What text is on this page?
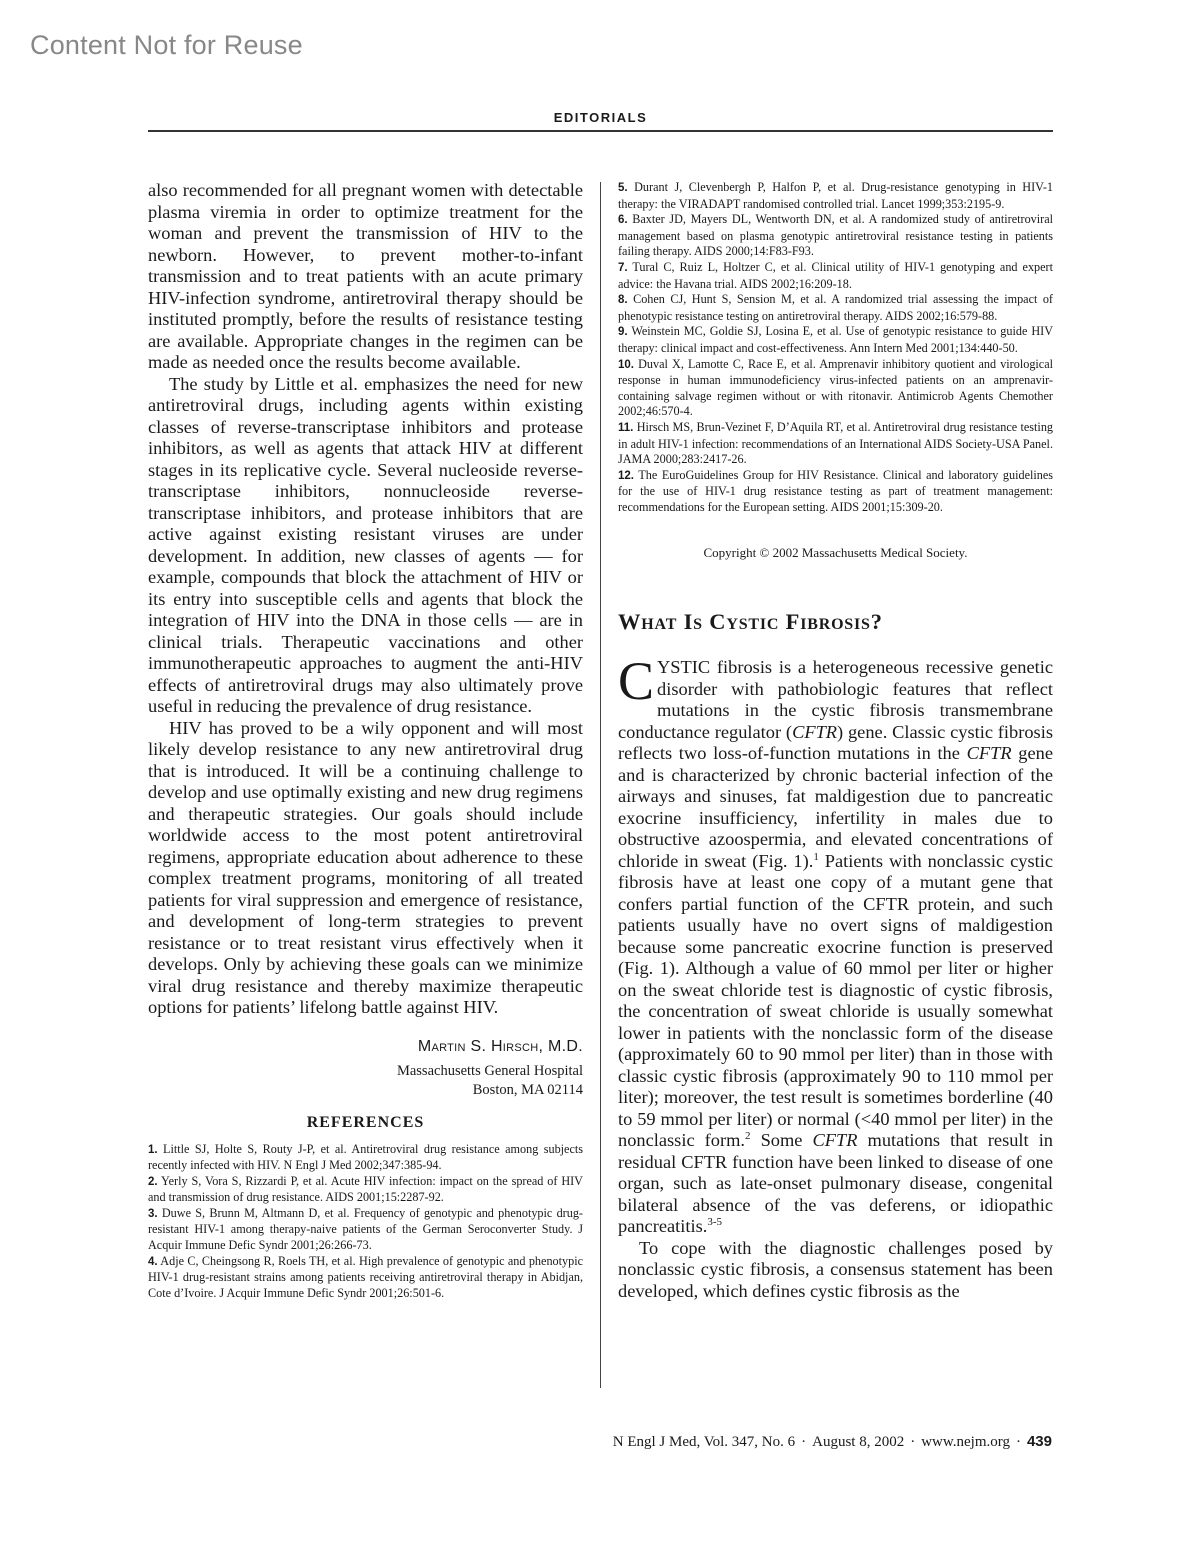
Content Not for Reuse
EDITORIALS

also recommended for all pregnant women with detectable plasma viremia in order to optimize treatment for the woman and prevent the transmission of HIV to the newborn. However, to prevent mother-to-infant transmission and to treat patients with an acute primary HIV-infection syndrome, antiretroviral therapy should be instituted promptly, before the results of resistance testing are available. Appropriate changes in the regimen can be made as needed once the results become available.

The study by Little et al. emphasizes the need for new antiretroviral drugs, including agents within existing classes of reverse-transcriptase inhibitors and protease inhibitors, as well as agents that attack HIV at different stages in its replicative cycle. Several nucleoside reverse-transcriptase inhibitors, nonnucleoside reverse-transcriptase inhibitors, and protease inhibitors that are active against existing resistant viruses are under development. In addition, new classes of agents — for example, compounds that block the attachment of HIV or its entry into susceptible cells and agents that block the integration of HIV into the DNA in those cells — are in clinical trials. Therapeutic vaccinations and other immunotherapeutic approaches to augment the anti-HIV effects of antiretroviral drugs may also ultimately prove useful in reducing the prevalence of drug resistance.

HIV has proved to be a wily opponent and will most likely develop resistance to any new antiretroviral drug that is introduced. It will be a continuing challenge to develop and use optimally existing and new drug regimens and therapeutic strategies. Our goals should include worldwide access to the most potent antiretroviral regimens, appropriate education about adherence to these complex treatment programs, monitoring of all treated patients for viral suppression and emergence of resistance, and development of long-term strategies to prevent resistance or to treat resistant virus effectively when it develops. Only by achieving these goals can we minimize viral drug resistance and thereby maximize therapeutic options for patients’ lifelong battle against HIV.

Martin S. Hirsch, M.D.
Massachusetts General Hospital
Boston, MA 02114
REFERENCES

1. Little SJ, Holte S, Routy J-P, et al. Antiretroviral drug resistance among subjects recently infected with HIV. N Engl J Med 2002;347:385-94.

2. Yerly S, Vora S, Rizzardi P, et al. Acute HIV infection: impact on the spread of HIV and transmission of drug resistance. AIDS 2001;15:2287-92.

3. Duwe S, Brunn M, Altmann D, et al. Frequency of genotypic and phenotypic drug-resistant HIV-1 among therapy-naive patients of the German Seroconverter Study. J Acquir Immune Defic Syndr 2001;26:266-73.

4. Adje C, Cheingsong R, Roels TH, et al. High prevalence of genotypic and phenotypic HIV-1 drug-resistant strains among patients receiving antiretroviral therapy in Abidjan, Cote d’Ivoire. J Acquir Immune Defic Syndr 2001;26:501-6.

5. Durant J, Clevenbergh P, Halfon P, et al. Drug-resistance genotyping in HIV-1 therapy: the VIRADAPT randomised controlled trial. Lancet 1999;353:2195-9.

6. Baxter JD, Mayers DL, Wentworth DN, et al. A randomized study of antiretroviral management based on plasma genotypic antiretroviral resistance testing in patients failing therapy. AIDS 2000;14:F83-F93.

7. Tural C, Ruiz L, Holtzer C, et al. Clinical utility of HIV-1 genotyping and expert advice: the Havana trial. AIDS 2002;16:209-18.

8. Cohen CJ, Hunt S, Sension M, et al. A randomized trial assessing the impact of phenotypic resistance testing on antiretroviral therapy. AIDS 2002;16:579-88.

9. Weinstein MC, Goldie SJ, Losina E, et al. Use of genotypic resistance to guide HIV therapy: clinical impact and cost-effectiveness. Ann Intern Med 2001;134:440-50.

10. Duval X, Lamotte C, Race E, et al. Amprenavir inhibitory quotient and virological response in human immunodeficiency virus-infected patients on an amprenavir-containing salvage regimen without or with ritonavir. Antimicrob Agents Chemother 2002;46:570-4.

11. Hirsch MS, Brun-Vezinet F, D’Aquila RT, et al. Antiretroviral drug resistance testing in adult HIV-1 infection: recommendations of an International AIDS Society-USA Panel. JAMA 2000;283:2417-26.

12. The EuroGuidelines Group for HIV Resistance. Clinical and laboratory guidelines for the use of HIV-1 drug resistance testing as part of treatment management: recommendations for the European setting. AIDS 2001;15:309-20.

Copyright © 2002 Massachusetts Medical Society.
What Is Cystic Fibrosis?

CYSTIC fibrosis is a heterogeneous recessive genetic disorder with pathobiologic features that reflect mutations in the cystic fibrosis transmembrane conductance regulator (CFTR) gene. Classic cystic fibrosis reflects two loss-of-function mutations in the CFTR gene and is characterized by chronic bacterial infection of the airways and sinuses, fat maldigestion due to pancreatic exocrine insufficiency, infertility in males due to obstructive azoospermia, and elevated concentrations of chloride in sweat (Fig. 1).$^1$ Patients with nonclassic cystic fibrosis have at least one copy of a mutant gene that confers partial function of the CFTR protein, and such patients usually have no overt signs of maldigestion because some pancreatic exocrine function is preserved (Fig. 1). Although a value of 60 mmol per liter or higher on the sweat chloride test is diagnostic of cystic fibrosis, the concentration of sweat chloride is usually somewhat lower in patients with the nonclassic form of the disease (approximately 60 to 90 mmol per liter) than in those with classic cystic fibrosis (approximately 90 to 110 mmol per liter); moreover, the test result is sometimes borderline (40 to 59 mmol per liter) or normal (<40 mmol per liter) in the nonclassic form.$^2$ Some CFTR mutations that result in residual CFTR function have been linked to disease of one organ, such as late-onset pulmonary disease, congenital bilateral absence of the vas deferens, or idiopathic pancreatitis.$^{3-5}$

To cope with the diagnostic challenges posed by nonclassic cystic fibrosis, a consensus statement has been developed, which defines cystic fibrosis as the

N Engl J Med, Vol. 347, No. 6 · August 8, 2002 · www.nejm.org · 439
